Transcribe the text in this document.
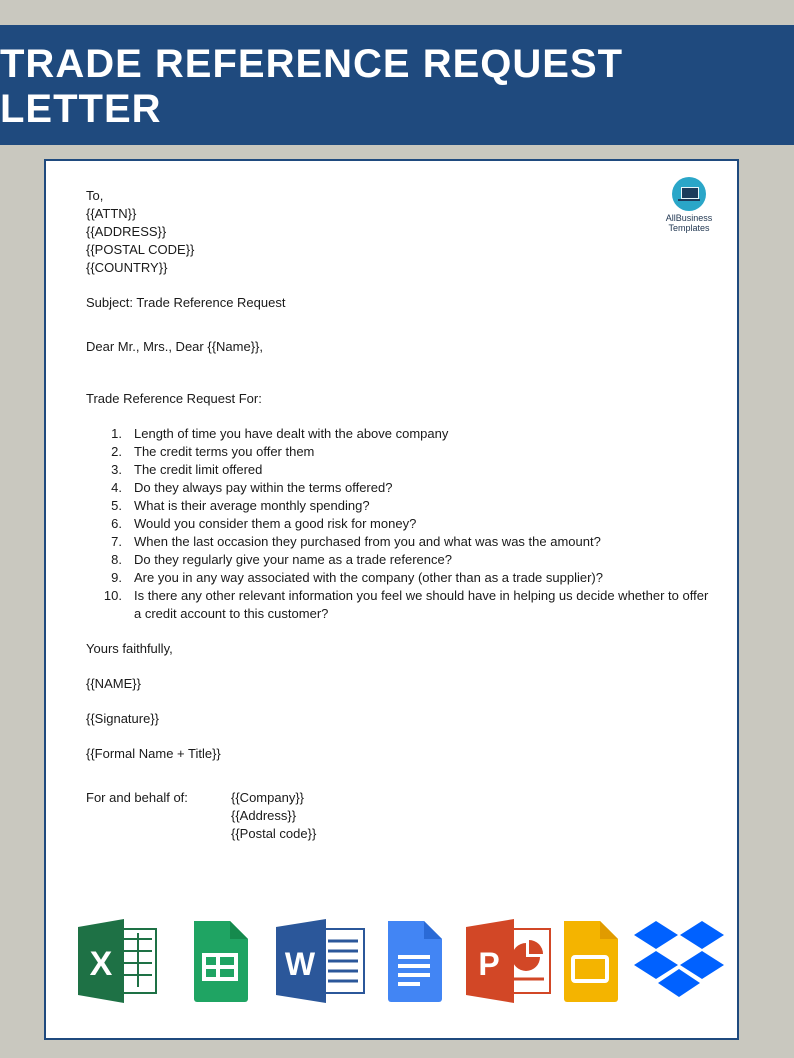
TRADE REFERENCE REQUEST LETTER
AllBusiness
Templates
To,
{{ATTN}}
{{ADDRESS}}
{{POSTAL CODE}}
{{COUNTRY}}
Subject: Trade Reference Request
Dear Mr., Mrs., Dear {{Name}},
Trade Reference Request For:
1. Length of time you have dealt with the above company
2. The credit terms you offer them
3. The credit limit offered
4. Do they always pay within the terms offered?
5. What is their average monthly spending?
6. Would you consider them a good risk for money?
7. When the last occasion they purchased from you and what was was the amount?
8. Do they regularly give your name as a trade reference?
9. Are you in any way associated with the company (other than as a trade supplier)?
10. Is there any other relevant information you feel we should have in helping us decide whether to offer a credit account to this customer?
Yours faithfully,
{{NAME}}
{{Signature}}
{{Formal Name + Title}}
For and behalf of:	{{Company}}
{{Address}}
{{Postal code}}
X	W	P
